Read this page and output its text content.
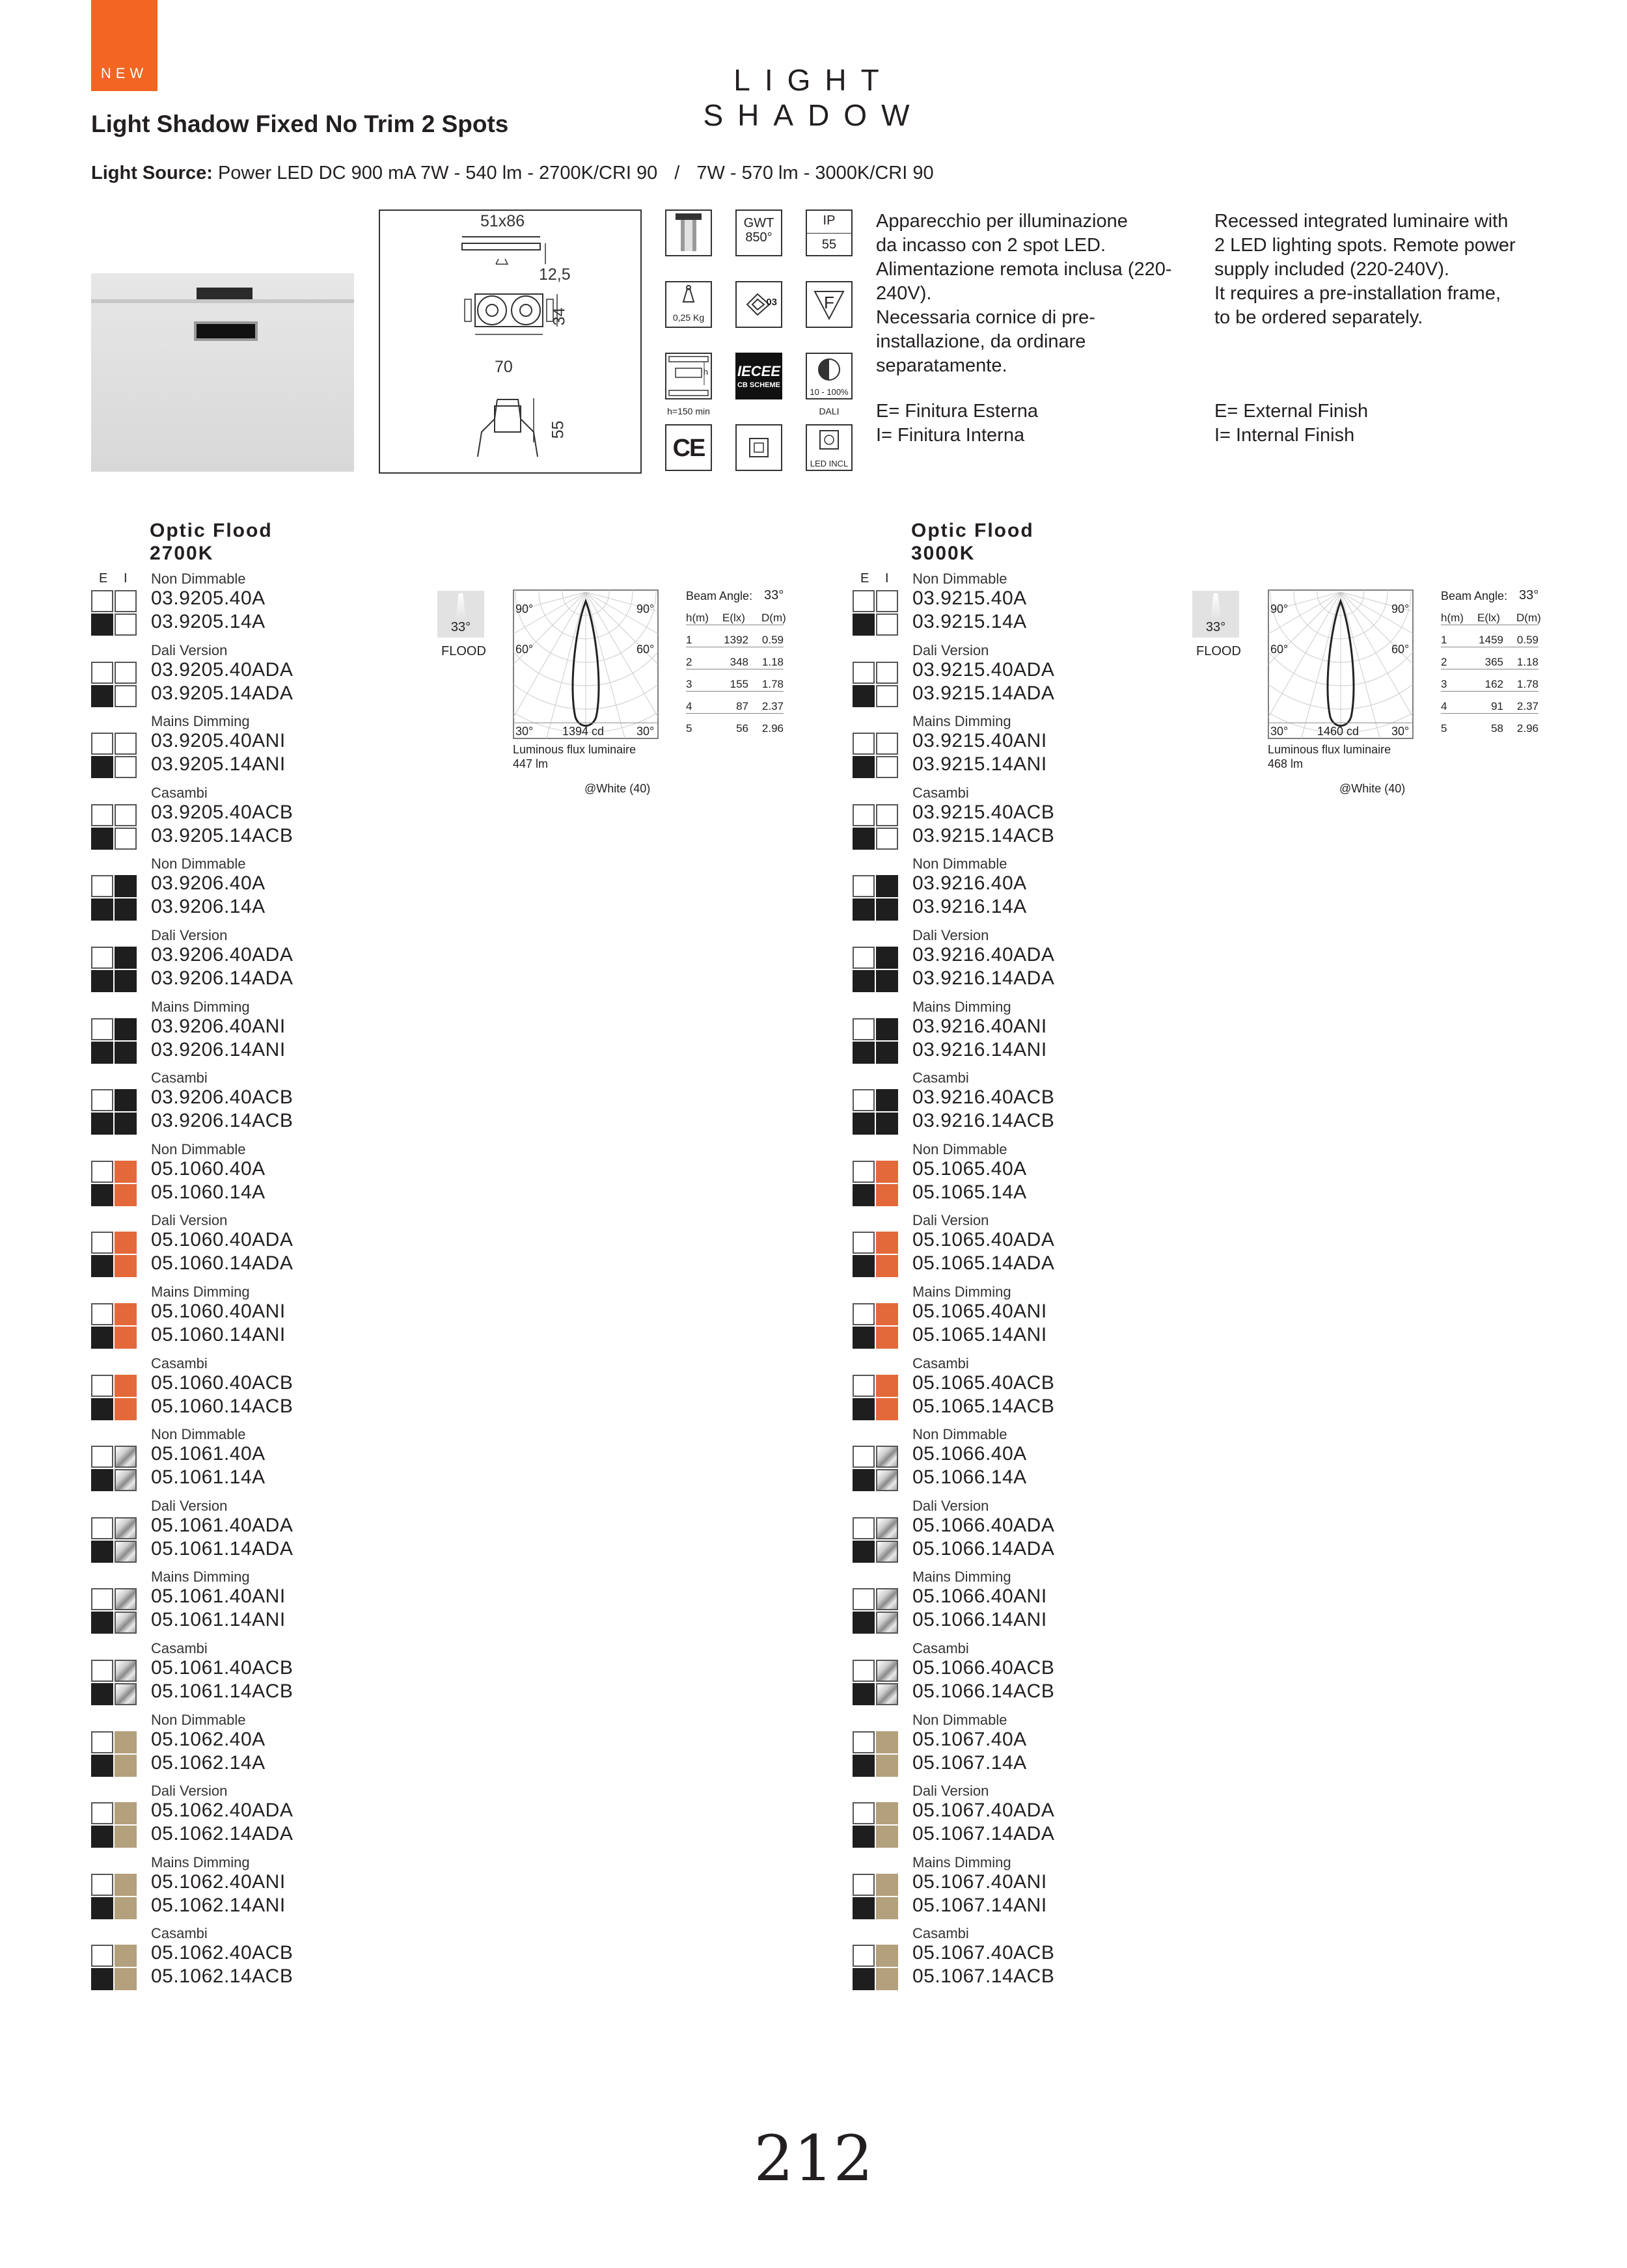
NEW	LIGHT SHADOW
Light Shadow Fixed No Trim 2 Spots
Light Source: Power LED DC 900 mA 7W - 540 lm - 2700K/CRI 90 / 7W - 570 lm - 3000K/CRI 90
51x86
12,5
34
70
55
GWT 850°
IP
55
0,25 Kg
03	F
h
h=150 min
IECEE
CB SCHEME
10 - 100%
DALI
CE
LED INCL

Apparecchio per illuminazione

da incasso con 2 spot LED.

Alimentazione remota inclusa (220-

240V).

Necessaria cornice di pre-

installazione, da ordinare

separatamente.

Recessed integrated luminaire with

2 LED lighting spots. Remote power

supply included (220-240V).

It requires a pre-installation frame,

to be ordered separately.

E= Finitura Esterna

I= Finitura Interna

E= External Finish

I= Internal Finish

Optic Flood
2700K
E I Non Dimmable
03.9205.40A
03.9205.14A
Dali Version
03.9205.40ADA
03.9205.14ADA
Mains Dimming
03.9205.40ANI
03.9205.14ANI
Casambi
03.9205.40ACB
03.9205.14ACB
Non Dimmable
03.9206.40A
03.9206.14A
Dali Version
03.9206.40ADA
03.9206.14ADA
Mains Dimming
03.9206.40ANI
03.9206.14ANI
Casambi
03.9206.40ACB
03.9206.14ACB
Non Dimmable
05.1060.40A
05.1060.14A
Dali Version
05.1060.40ADA
05.1060.14ADA
Mains Dimming
05.1060.40ANI
05.1060.14ANI
Casambi
05.1060.40ACB
05.1060.14ACB
Non Dimmable
05.1061.40A
05.1061.14A
Dali Version
05.1061.40ADA
05.1061.14ADA
Mains Dimming
05.1061.40ANI
05.1061.14ANI
Casambi
05.1061.40ACB
05.1061.14ACB
Non Dimmable
05.1062.40A
05.1062.14A
Dali Version
05.1062.40ADA
05.1062.14ADA
Mains Dimming
05.1062.40ANI
05.1062.14ANI
Casambi
05.1062.40ACB
05.1062.14ACB
33°
FLOOD
90°	90°
60°	60°
30°	30°
1394 cd
Luminous flux luminaire
447 lm
@White (40)
Beam Angle: 33°
h(m) E(lx) D(m)
1	1392	0.59
2	348	1.18
3	155	1.78
4	87	2.37
5	56	2.96
Optic Flood
3000K
E I Non Dimmable
03.9215.40A
03.9215.14A
Dali Version
03.9215.40ADA
03.9215.14ADA
Mains Dimming
03.9215.40ANI
03.9215.14ANI
Casambi
03.9215.40ACB
03.9215.14ACB
Non Dimmable
03.9216.40A
03.9216.14A
Dali Version
03.9216.40ADA
03.9216.14ADA
Mains Dimming
03.9216.40ANI
03.9216.14ANI
Casambi
03.9216.40ACB
03.9216.14ACB
Non Dimmable
05.1065.40A
05.1065.14A
Dali Version
05.1065.40ADA
05.1065.14ADA
Mains Dimming
05.1065.40ANI
05.1065.14ANI
Casambi
05.1065.40ACB
05.1065.14ACB
Non Dimmable
05.1066.40A
05.1066.14A
Dali Version
05.1066.40ADA
05.1066.14ADA
Mains Dimming
05.1066.40ANI
05.1066.14ANI
Casambi
05.1066.40ACB
05.1066.14ACB
Non Dimmable
05.1067.40A
05.1067.14A
Dali Version
05.1067.40ADA
05.1067.14ADA
Mains Dimming
05.1067.40ANI
05.1067.14ANI
Casambi
05.1067.40ACB
05.1067.14ACB
33°
FLOOD
90°	90°
60°	60°
30°	30°
1460 cd
Luminous flux luminaire
468 lm
@White (40)
Beam Angle: 33°
h(m) E(lx) D(m)
1	1459	0.59
2	365	1.18
3	162	1.78
4	91	2.37
5	58	2.96
212
